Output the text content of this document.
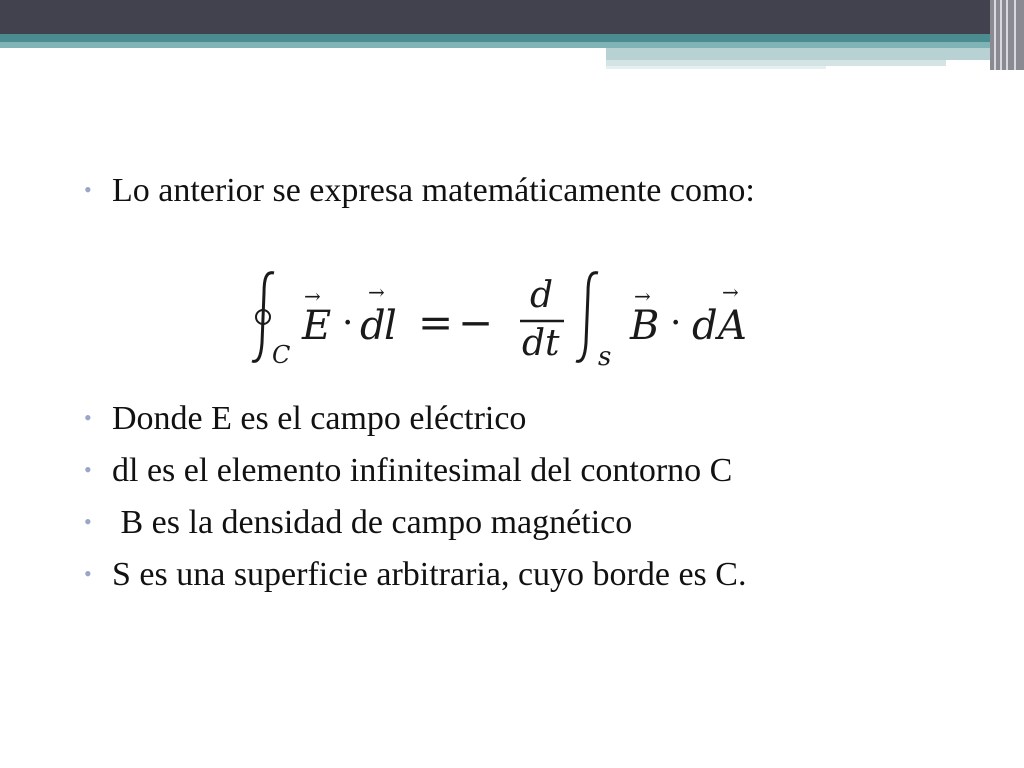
• Lo anterior se expresa matemáticamente como:
C
→
E ·
→
d
l = −
d
dt s
→
B ·
→
d A
• Donde E es el campo eléctrico
• dl es el elemento infinitesimal del contorno C
• B es la densidad de campo magnético
• S es una superficie arbitraria, cuyo borde es C.
